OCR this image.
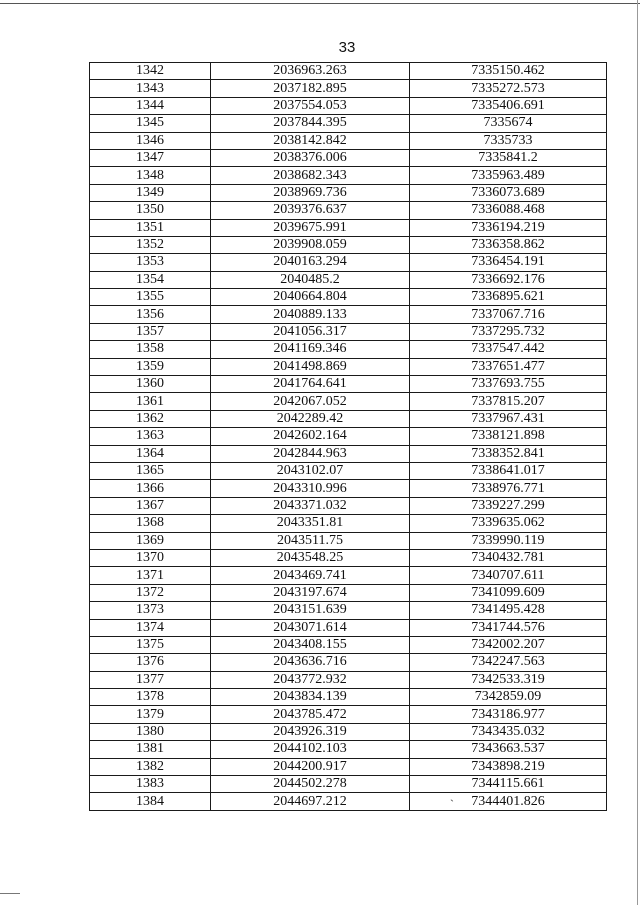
33
1342	2036963.263	7335150.462
1343	2037182.895	7335272.573
1344	2037554.053	7335406.691
1345	2037844.395	7335674
1346	2038142.842	7335733
1347	2038376.006	7335841.2
1348	2038682.343	7335963.489
1349	2038969.736	7336073.689
1350	2039376.637	7336088.468
1351	2039675.991	7336194.219
1352	2039908.059	7336358.862
1353	2040163.294	7336454.191
1354	2040485.2	7336692.176
1355	2040664.804	7336895.621
1356	2040889.133	7337067.716
1357	2041056.317	7337295.732
1358	2041169.346	7337547.442
1359	2041498.869	7337651.477
1360	2041764.641	7337693.755
1361	2042067.052	7337815.207
1362	2042289.42	7337967.431
1363	2042602.164	7338121.898
1364	2042844.963	7338352.841
1365	2043102.07	7338641.017
1366	2043310.996	7338976.771
1367	2043371.032	7339227.299
1368	2043351.81	7339635.062
1369	2043511.75	7339990.119
1370	2043548.25	7340432.781
1371	2043469.741	7340707.611
1372	2043197.674	7341099.609
1373	2043151.639	7341495.428
1374	2043071.614	7341744.576
1375	2043408.155	7342002.207
1376	2043636.716	7342247.563
1377	2043772.932	7342533.319
1378	2043834.139	7342859.09
1379	2043785.472	7343186.977
1380	2043926.319	7343435.032
1381	2044102.103	7343663.537
1382	2044200.917	7343898.219
1383	2044502.278	7344115.661
1384	2044697.212	7344401.826
`
